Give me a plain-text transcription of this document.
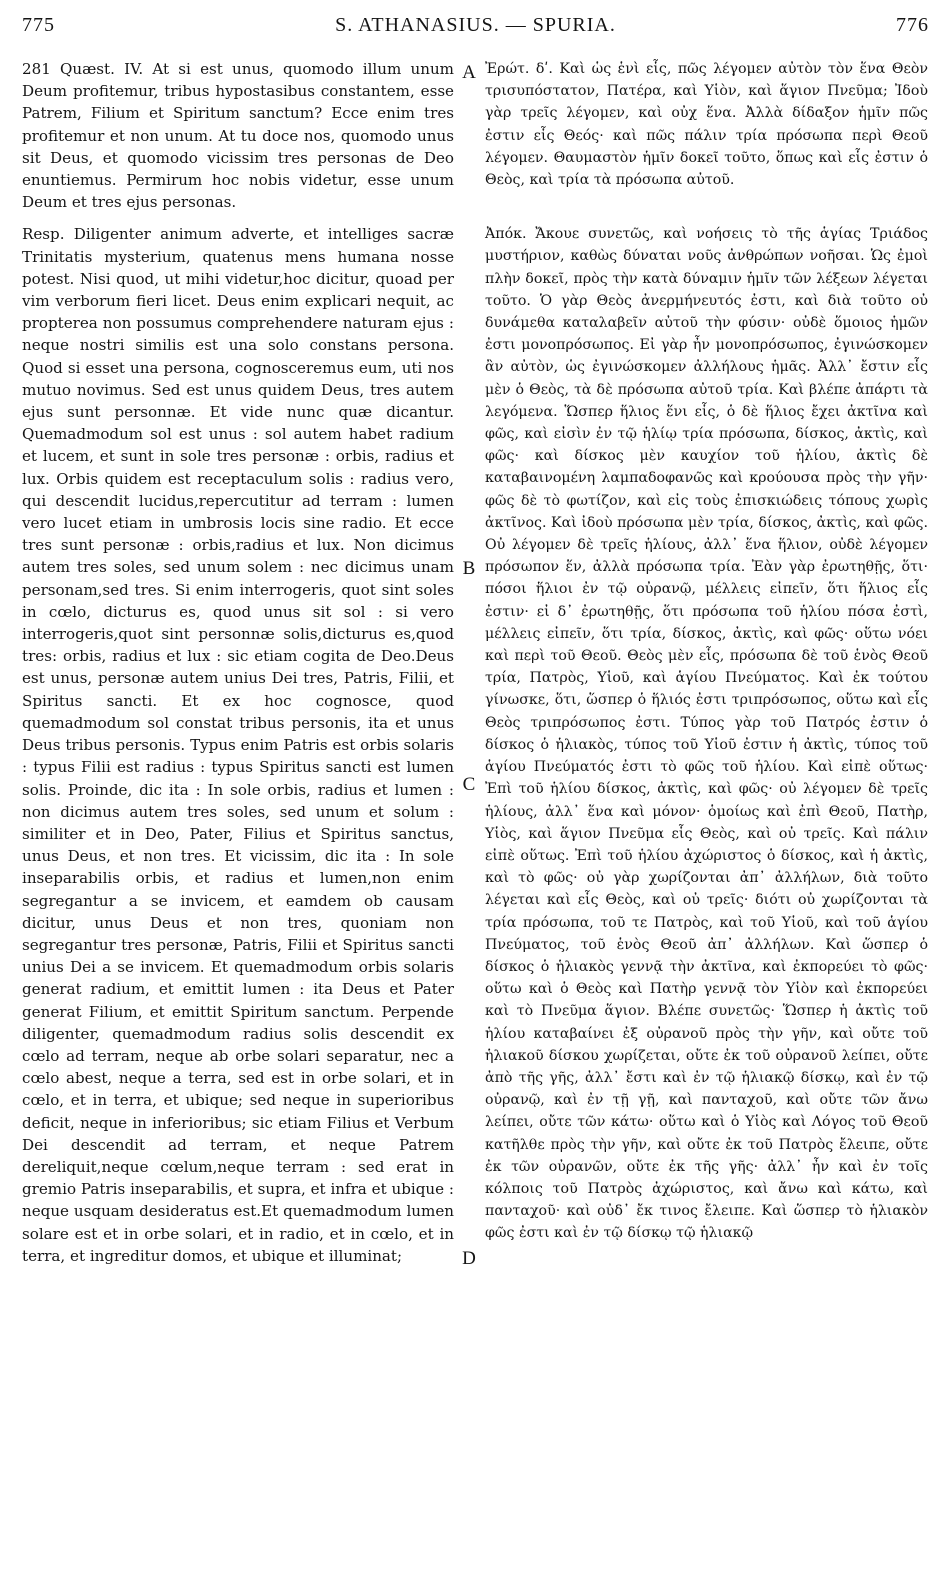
775	S. ATHANASIUS. — SPURIA.	776

281 Quæst. IV. At si est unus, quomodo illum unum Deum profitemur, tribus hypostasibus constantem, esse Patrem, Filium et Spiritum sanctum? Ecce enim tres profitemur et non unum. At tu doce nos, quomodo unus sit Deus, et quomodo vicissim tres personas de Deo enuntiemus. Permirum hoc nobis videtur, esse unum Deum et tres ejus personas.

Resp. Diligenter animum adverte, et intelliges sacræ Trinitatis mysterium, quatenus mens humana nosse potest. Nisi quod, ut mihi videtur,hoc dicitur, quoad per vim verborum fieri licet. Deus enim explicari nequit, ac propterea non possumus comprehendere naturam ejus : neque nostri similis est una solo constans persona. Quod si esset una persona, cognosceremus eum, uti nos mutuo novimus. Sed est unus quidem Deus, tres autem ejus sunt personnæ. Et vide nunc quæ dicantur. Quemadmodum sol est unus : sol autem habet radium et lucem, et sunt in sole tres personæ : orbis, radius et lux. Orbis quidem est receptaculum solis : radius vero, qui descendit lucidus,repercutitur ad terram : lumen vero lucet etiam in umbrosis locis sine radio. Et ecce tres sunt personæ : orbis,radius et lux. Non dicimus autem tres soles, sed unum solem : nec dicimus unam personam,sed tres. Si enim interrogeris, quot sint soles in cœlo, dicturus es, quod unus sit sol : si vero interrogeris,quot sint personnæ solis,dicturus es,quod tres: orbis, radius et lux : sic etiam cogita de Deo.Deus est unus, personæ autem unius Dei tres, Patris, Filii, et Spiritus sancti. Et ex hoc cognosce, quod quemadmodum sol constat tribus personis, ita et unus Deus tribus personis. Typus enim Patris est orbis solaris : typus Filii est radius : typus Spiritus sancti est lumen solis. Proinde, dic ita : In sole orbis, radius et lumen : non dicimus autem tres soles, sed unum et solum : similiter et in Deo, Pater, Filius et Spiritus sanctus, unus Deus, et non tres. Et vicissim, dic ita : In sole inseparabilis orbis, et radius et lumen,non enim segregantur a se invicem, et eamdem ob causam dicitur, unus Deus et non tres, quoniam non segregantur tres personæ, Patris, Filii et Spiritus sancti unius Dei a se invicem. Et quemadmodum orbis solaris generat radium, et emittit lumen : ita Deus et Pater generat Filium, et emittit Spiritum sanctum. Perpende diligenter, quemadmodum radius solis descendit ex cœlo ad terram, neque ab orbe solari separatur, nec a cœlo abest, neque a terra, sed est in orbe solari, et in cœlo, et in terra, et ubique; sed neque in superioribus deficit, neque in inferioribus; sic etiam Filius et Verbum Dei descendit ad terram, et neque Patrem dereliquit,neque cœlum,neque terram : sed erat in gremio Patris inseparabilis, et supra, et infra et ubique : neque usquam desideratus est.Et quemadmodum lumen solare est et in orbe solari, et in radio, et in cœlo, et in terra, et ingreditur domos, et ubique et illuminat;

A
B
C
D

Ἐρώτ. δʹ. Καὶ ὡς ἑνὶ εἷς, πῶς λέγομεν αὐτὸν τὸν ἕνα Θεὸν τρισυπόστατον, Πατέρα, καὶ Υἱὸν, καὶ ἅγιον Πνεῦμα; Ἰδοὺ γὰρ τρεῖς λέγομεν, καὶ οὐχ ἕνα. Ἀλλὰ δίδαξον ἡμῖν πῶς ἐστιν εἷς Θεός· καὶ πῶς πάλιν τρία πρόσωπα περὶ Θεοῦ λέγομεν. Θαυμαστὸν ἡμῖν δοκεῖ τοῦτο, ὅπως καὶ εἷς ἐστιν ὁ Θεὸς, καὶ τρία τὰ πρόσωπα αὐτοῦ.

Ἀπόκ. Ἄκουε συνετῶς, καὶ νοήσεις τὸ τῆς ἁγίας Τριάδος μυστήριον, καθὼς δύναται νοῦς ἀνθρώπων νοῆσαι. Ὡς ἐμοὶ πλὴν δοκεῖ, πρὸς τὴν κατὰ δύναμιν ἡμῖν τῶν λέξεων λέγεται τοῦτο. Ὁ γὰρ Θεὸς ἀνερμήνευτός ἐστι, καὶ διὰ τοῦτο οὐ δυνάμεθα καταλαβεῖν αὐτοῦ τὴν φύσιν· οὐδὲ ὅμοιος ἡμῶν ἐστι μονοπρόσωπος. Εἰ γὰρ ἦν μονοπρόσωπος, ἐγινώσκομεν ἂν αὐτὸν, ὡς ἐγινώσκομεν ἀλλήλους ἡμᾶς. Ἀλλ᾽ ἔστιν εἷς μὲν ὁ Θεὸς, τὰ δὲ πρόσωπα αὐτοῦ τρία. Καὶ βλέπε ἀπάρτι τὰ λεγόμενα. Ὥσπερ ἥλιος ἕνι εἷς, ὁ δὲ ἥλιος ἔχει ἀκτῖνα καὶ φῶς, καὶ εἰσὶν ἐν τῷ ἡλίῳ τρία πρόσωπα, δίσκος, ἀκτὶς, καὶ φῶς· καὶ δίσκος μὲν καυχίον τοῦ ἡλίου, ἀκτὶς δὲ καταβαινομένη λαμπαδοφανῶς καὶ κρούουσα πρὸς τὴν γῆν· φῶς δὲ τὸ φωτίζον, καὶ εἰς τοὺς ἐπισκιώδεις τόπους χωρὶς ἀκτῖνος. Καὶ ἰδοὺ πρόσωπα μὲν τρία, δίσκος, ἀκτὶς, καὶ φῶς. Οὐ λέγομεν δὲ τρεῖς ἡλίους, ἀλλ᾽ ἕνα ἥλιον, οὐδὲ λέγομεν πρόσωπον ἕν, ἀλλὰ πρόσωπα τρία. Ἐὰν γὰρ ἐρωτηθῇς, ὅτι· πόσοι ἥλιοι ἐν τῷ οὐρανῷ, μέλλεις εἰπεῖν, ὅτι ἥλιος εἷς ἐστιν· εἰ δ᾽ ἐρωτηθῇς, ὅτι πρόσωπα τοῦ ἡλίου πόσα ἐστὶ, μέλλεις εἰπεῖν, ὅτι τρία, δίσκος, ἀκτὶς, καὶ φῶς· οὕτω νόει καὶ περὶ τοῦ Θεοῦ. Θεὸς μὲν εἷς, πρόσωπα δὲ τοῦ ἑνὸς Θεοῦ τρία, Πατρὸς, Υἱοῦ, καὶ ἁγίου Πνεύματος. Καὶ ἐκ τούτου γίνωσκε, ὅτι, ὥσπερ ὁ ἥλιός ἐστι τριπρόσωπος, οὕτω καὶ εἷς Θεὸς τριπρόσωπος ἐστι. Τύπος γὰρ τοῦ Πατρός ἐστιν ὁ δίσκος ὁ ἡλιακὸς, τύπος τοῦ Υἱοῦ ἐστιν ἡ ἀκτὶς, τύπος τοῦ ἁγίου Πνεύματός ἐστι τὸ φῶς τοῦ ἡλίου. Καὶ εἰπὲ οὕτως· Ἐπὶ τοῦ ἡλίου δίσκος, ἀκτὶς, καὶ φῶς· οὐ λέγομεν δὲ τρεῖς ἡλίους, ἀλλ᾽ ἕνα καὶ μόνον· ὁμοίως καὶ ἐπὶ Θεοῦ, Πατὴρ, Υἱὸς, καὶ ἅγιον Πνεῦμα εἷς Θεὸς, καὶ οὐ τρεῖς. Καὶ πάλιν εἰπὲ οὕτως. Ἐπὶ τοῦ ἡλίου ἀχώριστος ὁ δίσκος, καὶ ἡ ἀκτὶς, καὶ τὸ φῶς· οὐ γὰρ χωρίζονται ἀπ᾽ ἀλλήλων, διὰ τοῦτο λέγεται καὶ εἷς Θεὸς, καὶ οὐ τρεῖς· διότι οὐ χωρίζονται τὰ τρία πρόσωπα, τοῦ τε Πατρὸς, καὶ τοῦ Υἱοῦ, καὶ τοῦ ἁγίου Πνεύματος, τοῦ ἑνὸς Θεοῦ ἀπ᾽ ἀλλήλων. Καὶ ὥσπερ ὁ δίσκος ὁ ἡλιακὸς γεννᾷ τὴν ἀκτῖνα, καὶ ἐκπορεύει τὸ φῶς· οὕτω καὶ ὁ Θεὸς καὶ Πατὴρ γεννᾷ τὸν Υἱὸν καὶ ἐκπορεύει καὶ τὸ Πνεῦμα ἅγιον. Βλέπε συνετῶς· Ὥσπερ ἡ ἀκτὶς τοῦ ἡλίου καταβαίνει ἐξ οὐρανοῦ πρὸς τὴν γῆν, καὶ οὔτε τοῦ ἡλιακοῦ δίσκου χωρίζεται, οὔτε ἐκ τοῦ οὐρανοῦ λείπει, οὔτε ἀπὸ τῆς γῆς, ἀλλ᾽ ἔστι καὶ ἐν τῷ ἡλιακῷ δίσκῳ, καὶ ἐν τῷ οὐρανῷ, καὶ ἐν τῇ γῇ, καὶ πανταχοῦ, καὶ οὔτε τῶν ἄνω λείπει, οὔτε τῶν κάτω· οὕτω καὶ ὁ Υἱὸς καὶ Λόγος τοῦ Θεοῦ κατῆλθε πρὸς τὴν γῆν, καὶ οὔτε ἐκ τοῦ Πατρὸς ἔλειπε, οὔτε ἐκ τῶν οὐρανῶν, οὔτε ἐκ τῆς γῆς· ἀλλ᾽ ἦν καὶ ἐν τοῖς κόλποις τοῦ Πατρὸς ἀχώριστος, καὶ ἄνω καὶ κάτω, καὶ πανταχοῦ· καὶ οὐδ᾽ ἔκ τινος ἔλειπε. Καὶ ὥσπερ τὸ ἡλιακὸν φῶς ἐστι καὶ ἐν τῷ δίσκῳ τῷ ἡλιακῷ
